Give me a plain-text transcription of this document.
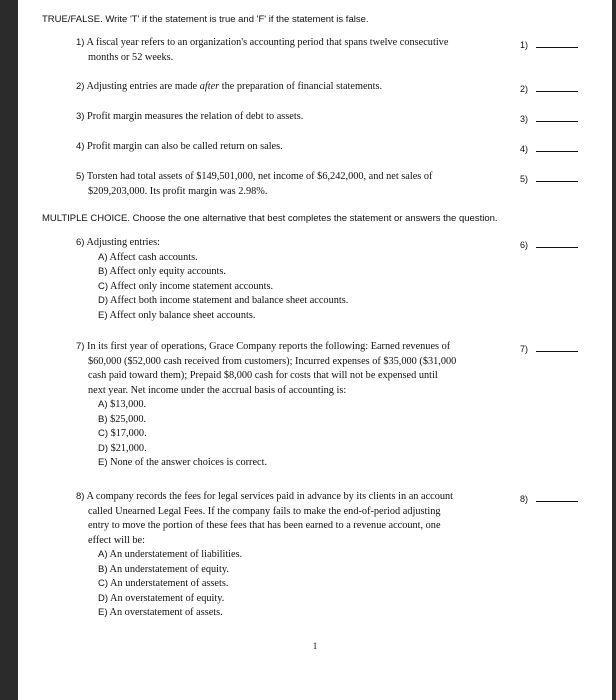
TRUE/FALSE. Write 'T' if the statement is true and 'F' if the statement is false.
1) A fiscal year refers to an organization's accounting period that spans twelve consecutive
months or 52 weeks.
1)
2) Adjusting entries are made after the preparation of financial statements.	2)
3) Profit margin measures the relation of debt to assets.	3)
4) Profit margin can also be called return on sales.	4)
5) Torsten had total assets of $149,501,000, net income of $6,242,000, and net sales of
$209,203,000. Its profit margin was 2.98%.
5)
MULTIPLE CHOICE. Choose the one alternative that best completes the statement or answers the question.
6) Adjusting entries:
A) Affect cash accounts.
B) Affect only equity accounts.
C) Affect only income statement accounts.
D) Affect both income statement and balance sheet accounts.
E) Affect only balance sheet accounts.
6)
7) In its first year of operations, Grace Company reports the following: Earned revenues of
$60,000 ($52,000 cash received from customers); Incurred expenses of $35,000 ($31,000
cash paid toward them); Prepaid $8,000 cash for costs that will not be expensed until
next year. Net income under the accrual basis of accounting is:
A) $13,000.
B) $25,000.
C) $17,000.
D) $21,000.
E) None of the answer choices is correct.
7)
8) A company records the fees for legal services paid in advance by its clients in an account
called Unearned Legal Fees. If the company fails to make the end-of-period adjusting
entry to move the portion of these fees that has been earned to a revenue account, one
effect will be:
A) An understatement of liabilities.
B) An understatement of equity.
C) An understatement of assets.
D) An overstatement of equity.
E) An overstatement of assets.
8)
1
